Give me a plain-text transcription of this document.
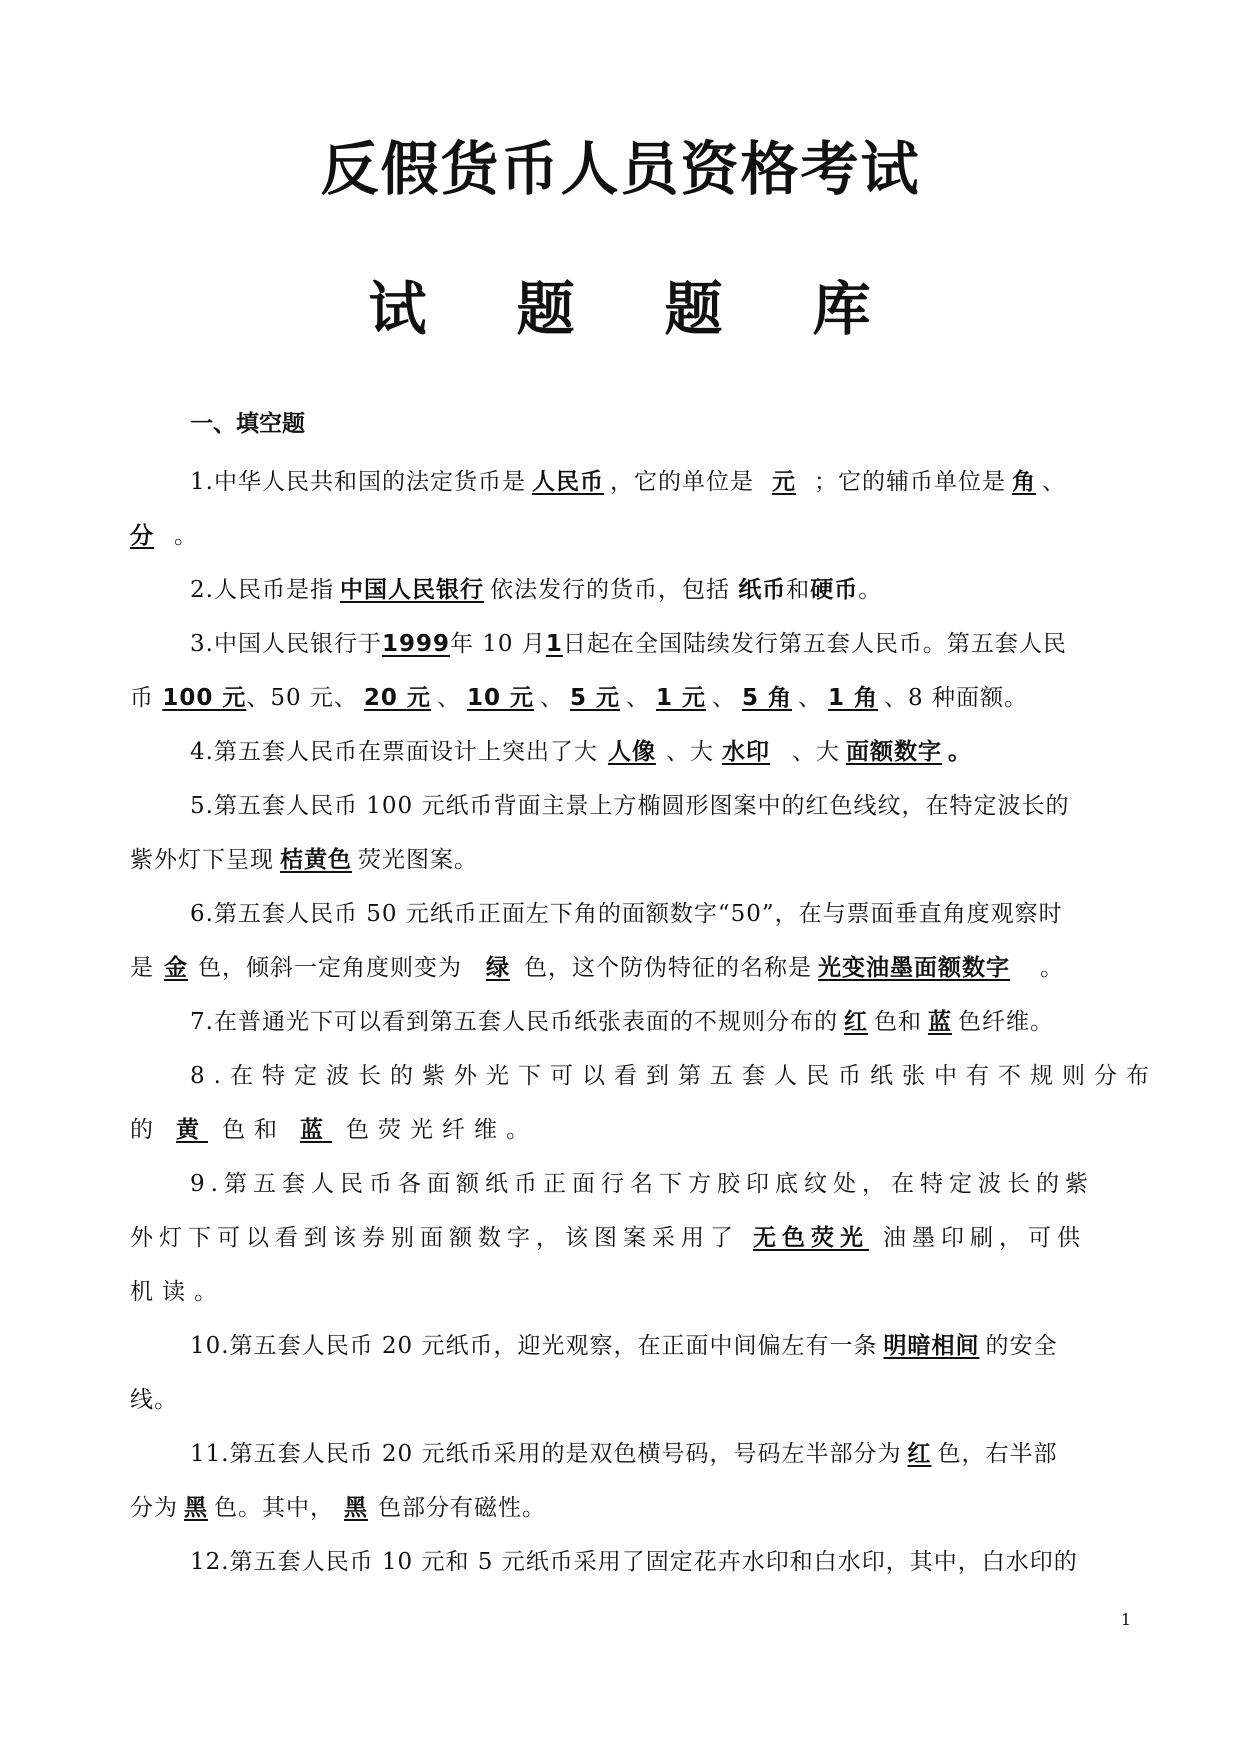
反假货币人员资格考试
试 题 题 库
一、填空题
1.中华人民共和国的法定货币是 人民币 ，它的单位是 元 ；它的辅币单位是 角 、
分 。
2.人民币是指 中国人民银行 依法发行的货币，包括 纸币和硬币。
3.中国人民银行于1999年 10 月1日起在全国陆续发行第五套人民币。第五套人民
币 100 元、50 元、 20 元 、 10 元 、 5 元 、 1 元 、 5 角 、 1 角 、8 种面额。
4.第五套人民币在票面设计上突出了大 人像 、大 水印 、大 面额数字 。
5.第五套人民币 100 元纸币背面主景上方椭圆形图案中的红色线纹，在特定波长的
紫外灯下呈现 桔黄色 荧光图案。
6.第五套人民币 50 元纸币正面左下角的面额数字“50”，在与票面垂直角度观察时
是 金 色，倾斜一定角度则变为 绿 色，这个防伪特征的名称是 光变油墨面额数字 。
7.在普通光下可以看到第五套人民币纸张表面的不规则分布的 红 色和 蓝 色纤维。
8.在特定波长的紫外光下可以看到第五套人民币纸张中有不规则分布
的 黄 色和 蓝 色荧光纤维。
9.第五套人民币各面额纸币正面行名下方胶印底纹处，在特定波长的紫
外灯下可以看到该券别面额数字，该图案采用了 无色荧光 油墨印刷，可供
机读。
10.第五套人民币 20 元纸币，迎光观察，在正面中间偏左有一条 明暗相间 的安全
线。
11.第五套人民币 20 元纸币采用的是双色横号码，号码左半部分为 红 色，右半部
分为 黑 色。其中， 黑 色部分有磁性。
12.第五套人民币 10 元和 5 元纸币采用了固定花卉水印和白水印，其中，白水印的
1
